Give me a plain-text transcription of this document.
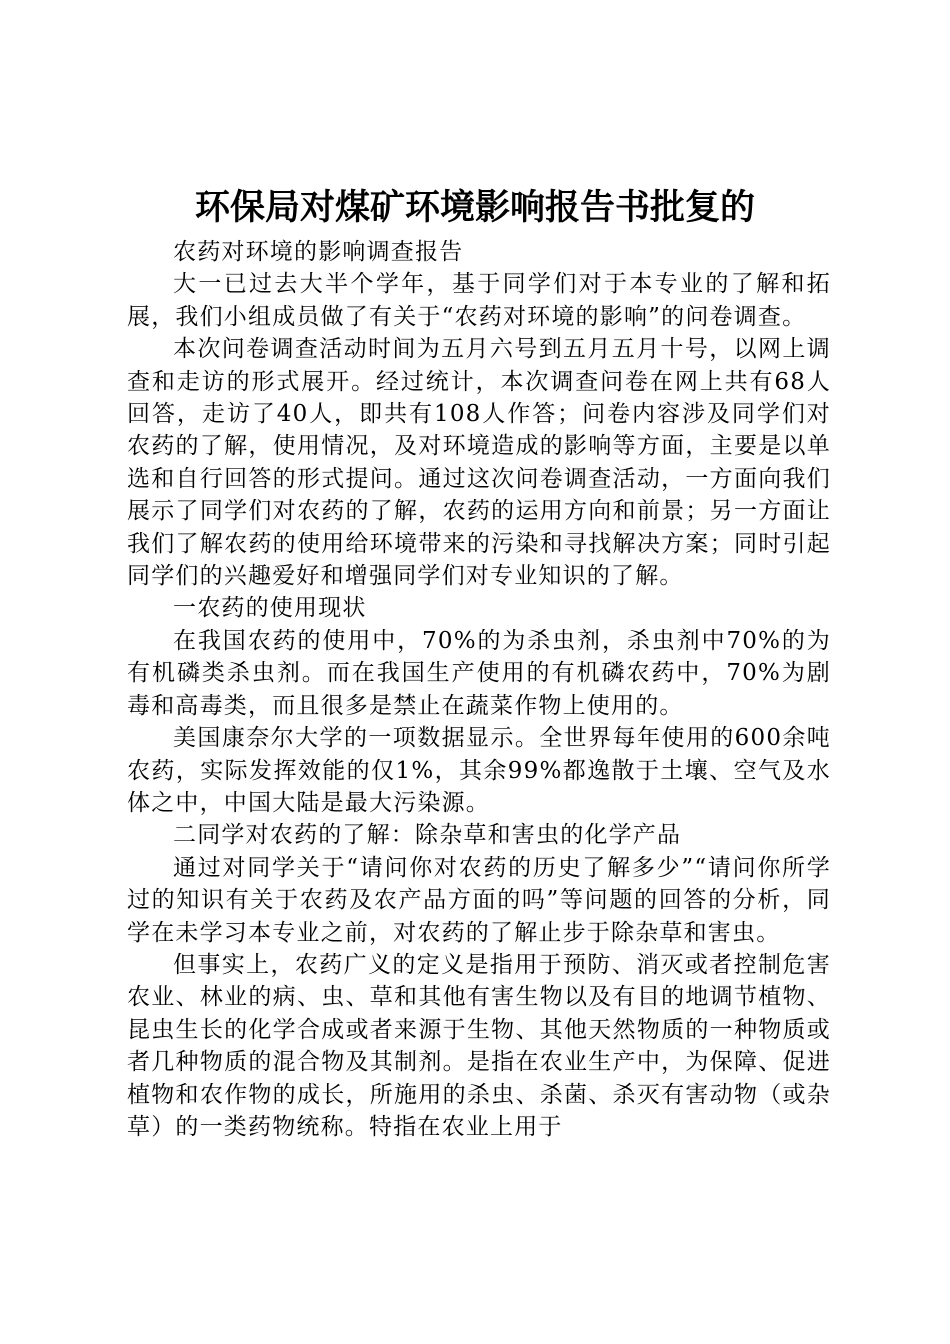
环保局对煤矿环境影响报告书批复的

农药对环境的影响调查报告

大一已过去大半个学年，基于同学们对于本专业的了解和拓展，我们小组成员做了有关于“农药对环境的影响”的问卷调查。

本次问卷调查活动时间为五月六号到五月五月十号，以网上调查和走访的形式展开。经过统计，本次调查问卷在网上共有68人回答，走访了40人，即共有108人作答；问卷内容涉及同学们对农药的了解，使用情况，及对环境造成的影响等方面，主要是以单选和自行回答的形式提问。通过这次问卷调查活动，一方面向我们展示了同学们对农药的了解，农药的运用方向和前景；另一方面让我们了解农药的使用给环境带来的污染和寻找解决方案；同时引起同学们的兴趣爱好和增强同学们对专业知识的了解。

一农药的使用现状

在我国农药的使用中，70%的为杀虫剂，杀虫剂中70%的为有机磷类杀虫剂。而在我国生产使用的有机磷农药中，70%为剧毒和高毒类，而且很多是禁止在蔬菜作物上使用的。

美国康奈尔大学的一项数据显示。全世界每年使用的600余吨农药，实际发挥效能的仅1%，其余99%都逸散于土壤、空气及水体之中，中国大陆是最大污染源。

二同学对农药的了解：除杂草和害虫的化学产品

通过对同学关于“请问你对农药的历史了解多少”“请问你所学过的知识有关于农药及农产品方面的吗”等问题的回答的分析，同学在未学习本专业之前，对农药的了解止步于除杂草和害虫。

但事实上，农药广义的定义是指用于预防、消灭或者控制危害农业、林业的病、虫、草和其他有害生物以及有目的地调节植物、昆虫生长的化学合成或者来源于生物、其他天然物质的一种物质或者几种物质的混合物及其制剂。是指在农业生产中，为保障、促进植物和农作物的成长，所施用的杀虫、杀菌、杀灭有害动物（或杂草）的一类药物统称。特指在农业上用于
